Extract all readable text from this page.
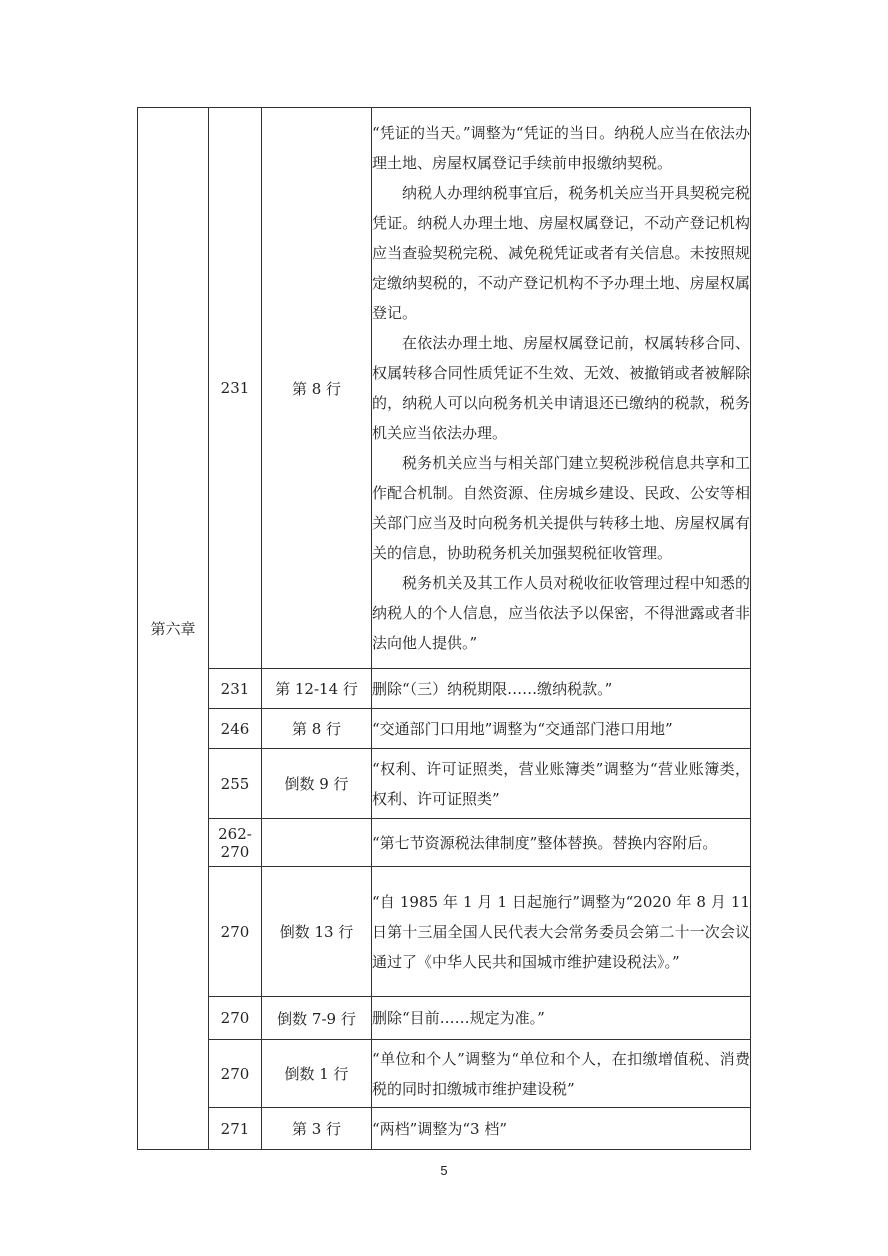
第六章	231	第 8 行	“凭证的当天。”调整为“凭证的当日。纳税人应当在依法办理土地、房屋权属登记手续前申报缴纳契税。

纳税人办理纳税事宜后，税务机关应当开具契税完税凭证。纳税人办理土地、房屋权属登记，不动产登记机构应当查验契税完税、减免税凭证或者有关信息。未按照规定缴纳契税的，不动产登记机构不予办理土地、房屋权属登记。

在依法办理土地、房屋权属登记前，权属转移合同、权属转移合同性质凭证不生效、无效、被撤销或者被解除的，纳税人可以向税务机关申请退还已缴纳的税款，税务机关应当依法办理。

税务机关应当与相关部门建立契税涉税信息共享和工作配合机制。自然资源、住房城乡建设、民政、公安等相关部门应当及时向税务机关提供与转移土地、房屋权属有关的信息，协助税务机关加强契税征收管理。

税务机关及其工作人员对税收征收管理过程中知悉的纳税人的个人信息，应当依法予以保密，不得泄露或者非法向他人提供。”

	231	第 12-14 行	删除“（三）纳税期限……缴纳税款。”
	246	第 8 行	“交通部门口用地”调整为“交通部门港口用地”
	255	倒数 9 行	“权利、许可证照类，营业账簿类”调整为“营业账簿类，权利、许可证照类”
	262-270		“第七节资源税法律制度”整体替换。替换内容附后。
	270	倒数 13 行	“自 1985 年 1 月 1 日起施行”调整为“2020 年 8 月 11 日第十三届全国人民代表大会常务委员会第二十一次会议通过了《中华人民共和国城市维护建设税法》。”
	270	倒数 7-9 行	删除“目前……规定为准。”
	270	倒数 1 行	“单位和个人”调整为“单位和个人，在扣缴增值税、消费税的同时扣缴城市维护建设税”
	271	第 3 行	“两档”调整为“3 档”
5
